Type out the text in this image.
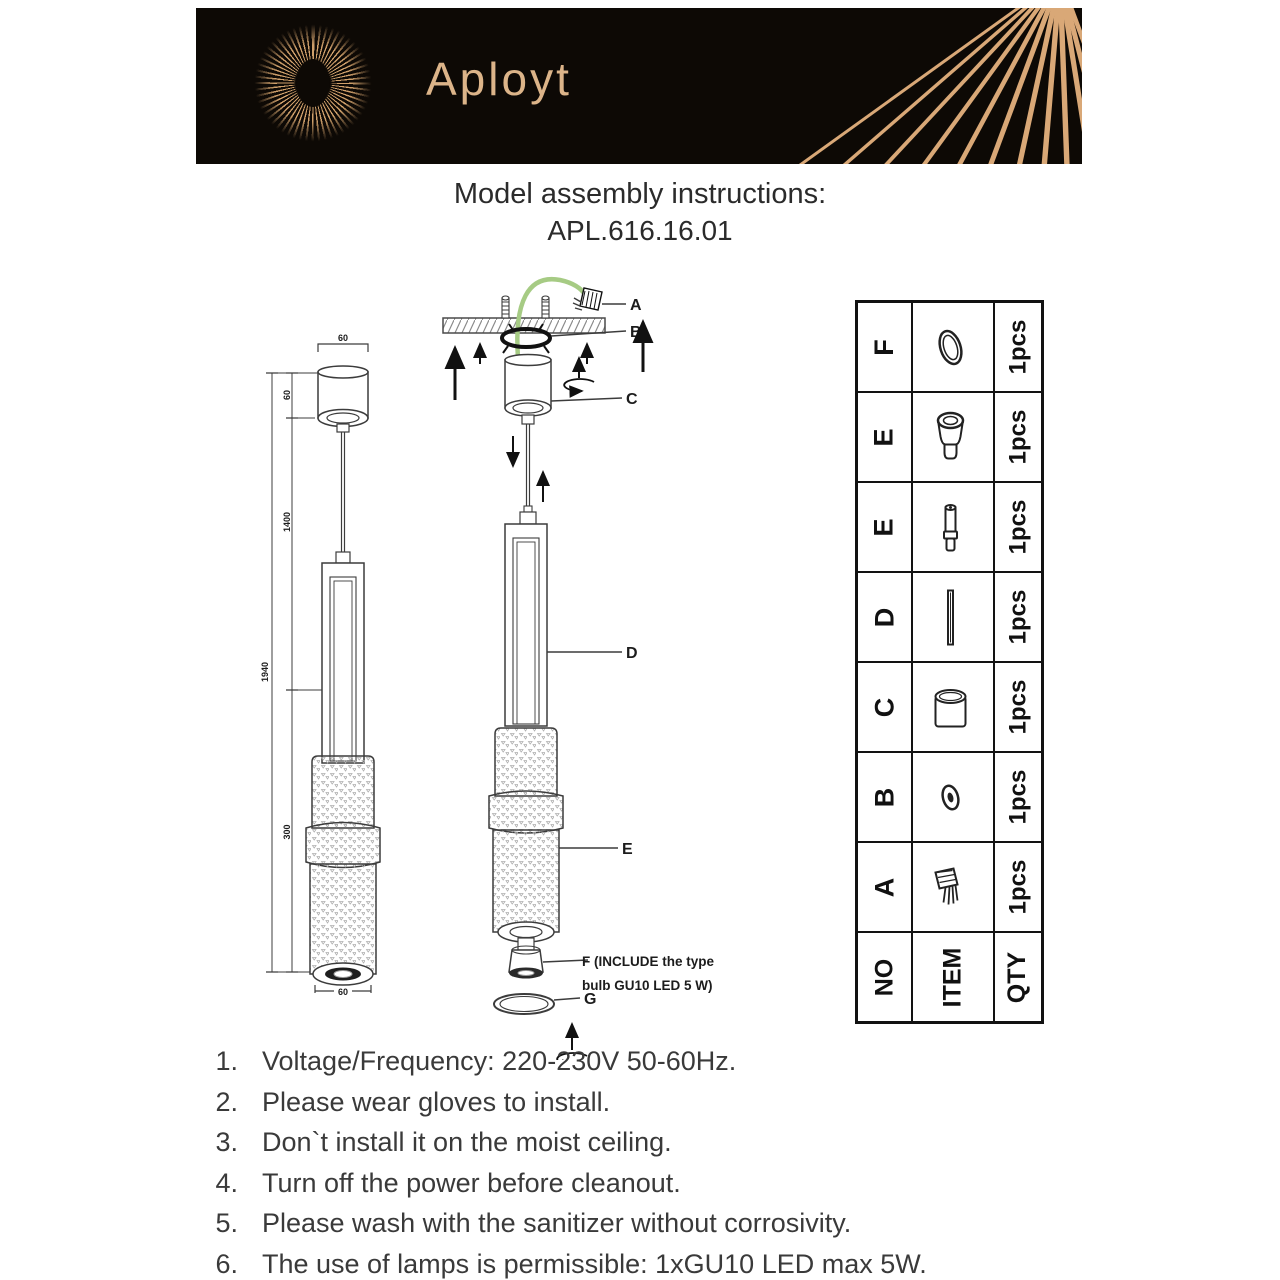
Aployt
Model assembly instructions:
APL.616.16.01
60
60
1940
60
1400
300
A
B
C
D
E
F (INCLUDE the type
bulb GU10 LED 5 W)
G
F	1pcs
E	1pcs
E	1pcs
D	1pcs
C	1pcs
B	1pcs
A	1pcs
NO ITEM QTY
1. Voltage/Frequency: 220-230V 50-60Hz.
2. Please wear gloves to install.
3. Don`t install it on the moist ceiling.
4. Turn off the power before cleanout.
5. Please wash with the sanitizer without corrosivity.
6. The use of lamps is permissible: 1xGU10 LED max 5W.
